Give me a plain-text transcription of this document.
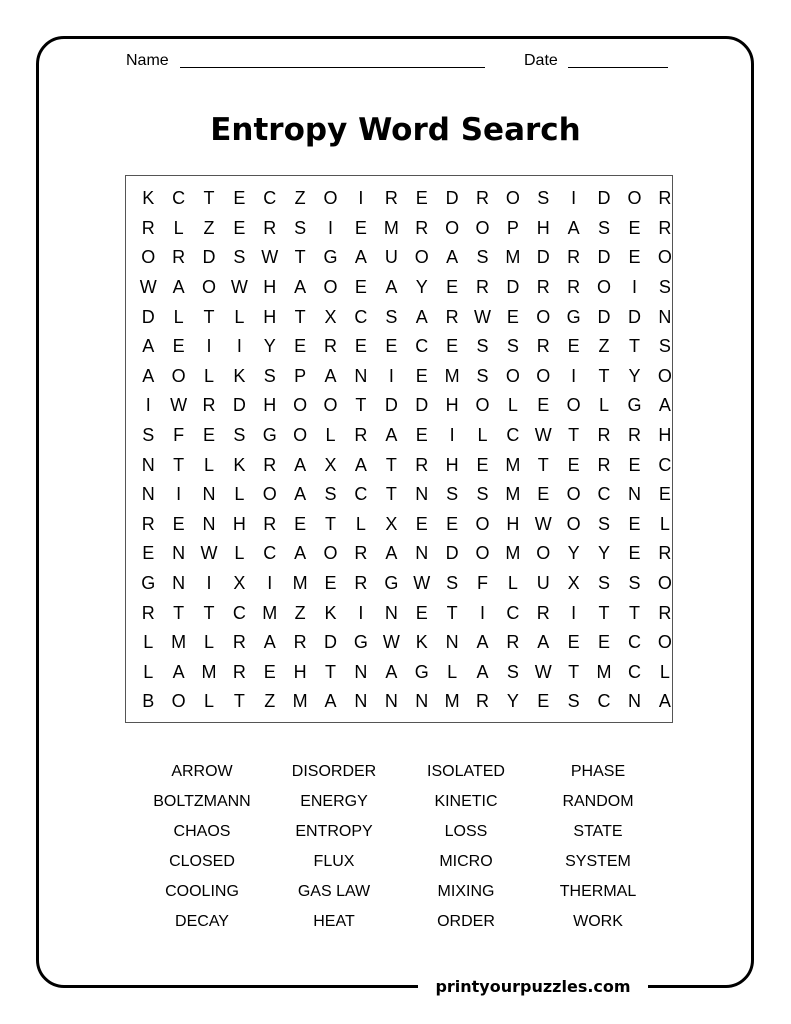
Name	Date
Entropy Word Search
K C	T	E C	Z O	I	R E D R O S	I	D O R
R	L	Z	E R S	I	E M R O O P H A	S	E R
O R D S W T G A U O A	S M D R D E O
W A O W H A O E	A	Y	E R D R R O	I	S
D	L	T	L	H	T	X C S	A R W E O G D D N
A	E	I	I	Y	E R E	E C E	S	S R E	Z	T	S
A O	L	K	S	P	A N	I	E M S O O	I	T	Y O
I	W R D H O O T	D D H O	L	E O	L	G A
S	F	E	S G O	L	R A	E	I	L	C W T	R R H
N	T	L	K R A	X	A	T	R H E M T	E R E C
N	I	N	L	O A	S C	T	N S	S M E O C N E
R E N H R E	T	L	X	E	E O H W O S	E	L
E N W L	C A O R A N D O M O Y	Y	E R
G N	I	X	I	M E R G W S	F	L	U X	S	S O
R	T	T	C M Z	K	I	N E	T	I	C R	I	T	T	R
L M L	R A R D G W K N A R A	E	E C O
L	A M R E H	T	N A G	L	A	S W T M C	L
B O	L	T	Z M A N N N M R Y	E	S C N A
ARROW	DISORDER	ISOLATED	PHASE
BOLTZMANN	ENERGY	KINETIC	RANDOM
CHAOS	ENTROPY	LOSS	STATE
CLOSED	FLUX	MICRO	SYSTEM
COOLING	GAS LAW	MIXING	THERMAL
DECAY	HEAT	ORDER	WORK
printyourpuzzles.com
